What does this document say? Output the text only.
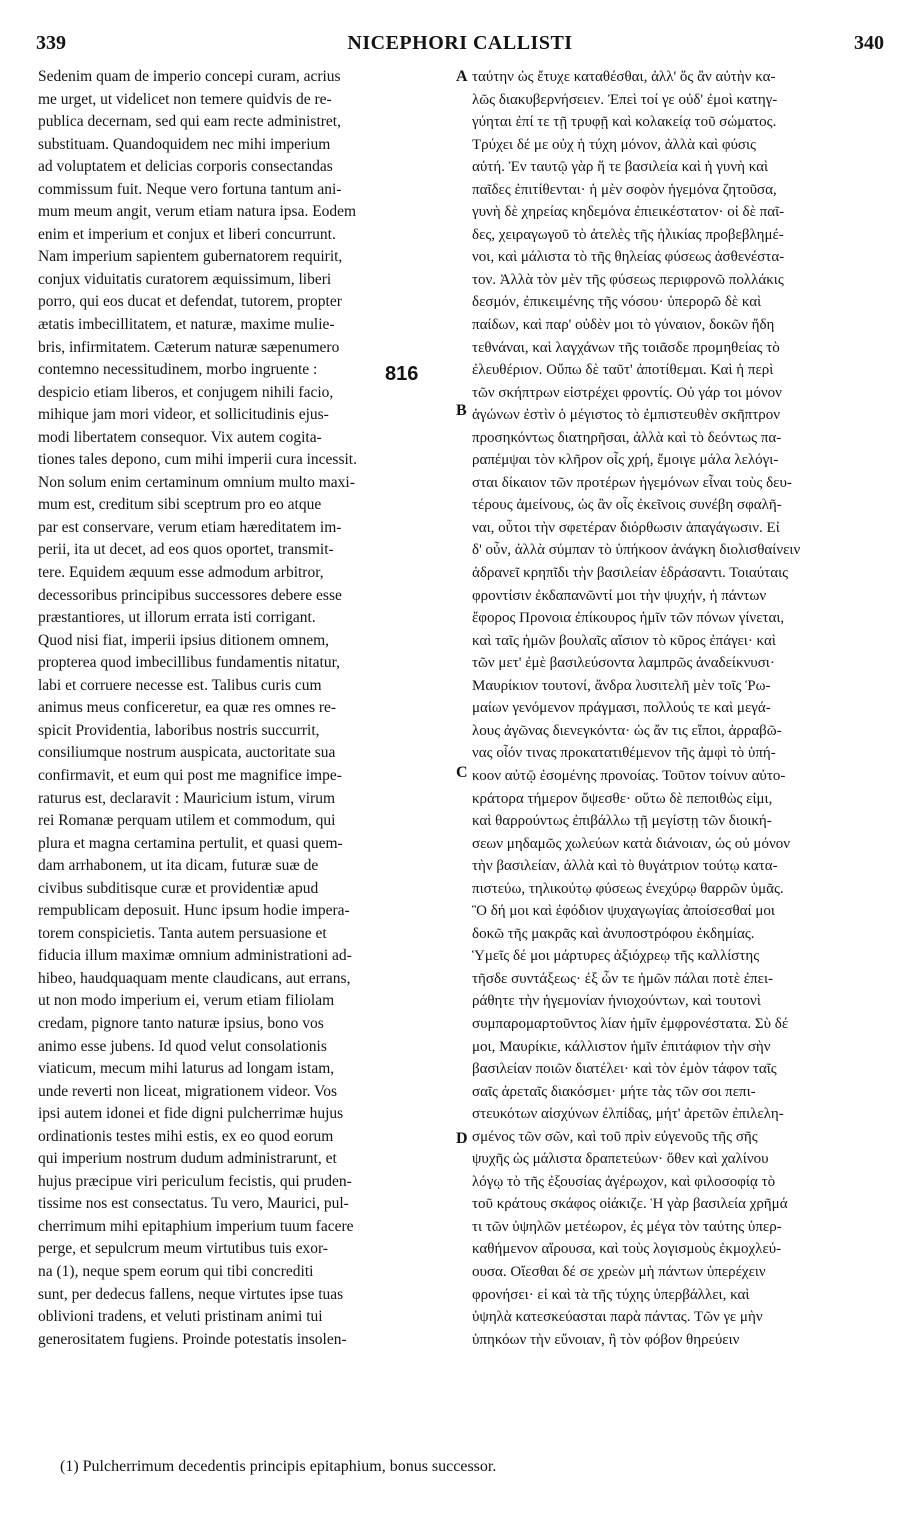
339	NICEPHORI CALLISTI	340
Sedenim quam de imperio concepi curam, acrius
me urget, ut videlicet non temere quidvis de re-
publica decernam, sed qui eam recte administret,
substituam. Quandoquidem nec mihi imperium
ad voluptatem et delicias corporis consectandas
commissum fuit. Neque vero fortuna tantum ani-
mum meum angit, verum etiam natura ipsa. Eodem
enim et imperium et conjux et liberi concurrunt.
Nam imperium sapientem gubernatorem requirit,
conjux viduitatis curatorem æquissimum, liberi
porro, qui eos ducat et defendat, tutorem, propter
ætatis imbecillitatem, et naturæ, maxime mulie-
bris, infirmitatem. Cæterum naturæ sæpenumero
contemno necessitudinem, morbo ingruente :
despicio etiam liberos, et conjugem nihili facio,
mihique jam mori videor, et sollicitudinis ejus-
modi libertatem consequor. Vix autem cogita-
tiones tales depono, cum mihi imperii cura incessit.
Non solum enim certaminum omnium multo maxi-
mum est, creditum sibi sceptrum pro eo atque
par est conservare, verum etiam hæreditatem im-
perii, ita ut decet, ad eos quos oportet, transmit-
tere. Equidem æquum esse admodum arbitror,
decessoribus principibus successores debere esse
præstantiores, ut illorum errata isti corrigant.
Quod nisi fiat, imperii ipsius ditionem omnem,
propterea quod imbecillibus fundamentis nitatur,
labi et corruere necesse est. Talibus curis cum
animus meus conficeretur, ea quæ res omnes re-
spicit Providentia, laboribus nostris succurrit,
consiliumque nostrum auspicata, auctoritate sua
confirmavit, et eum qui post me magnifice impe-
raturus est, declaravit : Mauricium istum, virum
rei Romanæ perquam utilem et commodum, qui
plura et magna certamina pertulit, et quasi quem-
dam arrhabonem, ut ita dicam, futuræ suæ de
civibus subditisque curæ et providentiæ apud
rempublicam deposuit. Hunc ipsum hodie impera-
torem conspicietis. Tanta autem persuasione et
fiducia illum maximæ omnium administrationi ad-
hibeo, haudquaquam mente claudicans, aut errans,
ut non modo imperium ei, verum etiam filiolam
credam, pignore tanto naturæ ipsius, bono vos
animo esse jubens. Id quod velut consolationis
viaticum, mecum mihi laturus ad longam istam,
unde reverti non liceat, migrationem videor. Vos
ipsi autem idonei et fide digni pulcherrimæ hujus
ordinationis testes mihi estis, ex eo quod eorum
qui imperium nostrum dudum administrarunt, et
hujus præcipue viri periculum fecistis, qui pruden-
tissime nos est consectatus. Tu vero, Maurici, pul-
cherrimum mihi epitaphium imperium tuum facere
perge, et sepulcrum meum virtutibus tuis exor-
na (1), neque spem eorum qui tibi concrediti
sunt, per dedecus fallens, neque virtutes ipse tuas
oblivioni tradens, et veluti pristinam animi tui
generositatem fugiens. Proinde potestatis insolen-
ταύτην ὡς ἔτυχε καταθέσθαι, ἀλλ' ὅς ἂν αὐτὴν κα-
λῶς διακυβερνήσειεν. Ἐπεὶ τοί γε οὐδ' ἐμοὶ κατηγ-
γύηται ἐπί τε τῇ τρυφῇ καὶ κολακείᾳ τοῦ σώματος.
Τρύχει δέ με οὐχ ἡ τύχη μόνον, ἀλλὰ καὶ φύσις
αὐτή. Ἐν ταυτῷ γὰρ ἥ τε βασιλεία καὶ ἡ γυνὴ καὶ
παῖδες ἐπιτίθενται· ἡ μὲν σοφὸν ἡγεμόνα ζητοῦσα,
γυνὴ δὲ χηρείας κηδεμόνα ἐπιεικέστατον· οἱ δὲ παῖ-
δες, χειραγωγοῦ τὸ ἀτελὲς τῆς ἡλικίας προβεβλημέ-
νοι, καὶ μάλιστα τὸ τῆς θηλείας φύσεως ἀσθενέστα-
τον. Ἀλλὰ τὸν μὲν τῆς φύσεως περιφρονῶ πολλάκις
δεσμόν, ἐπικειμένης τῆς νόσου· ὑπερορῶ δὲ καὶ
παίδων, καὶ παρ' οὐδὲν μοι τὸ γύναιον, δοκῶν ἤδη
τεθνάναι, καὶ λαγχάνων τῆς τοιᾶσδε προμηθείας τὸ
ἐλευθέριον. Οὔπω δὲ ταῦτ' ἀποτίθεμαι. Καὶ ἡ περὶ
τῶν σκήπτρων εἰστρέχει φροντίς. Οὐ γάρ τοι μόνον
ἀγώνων ἐστὶν ὁ μέγιστος τὸ ἐμπιστευθὲν σκῆπτρον
προσηκόντως διατηρῆσαι, ἀλλὰ καὶ τὸ δεόντως πα-
ραπέμψαι τὸν κλῆρον οἷς χρή, ἔμοιγε μάλα λελόγι-
σται δίκαιον τῶν προτέρων ἡγεμόνων εἶναι τοὺς δευ-
τέρους ἀμείνους, ὡς ἂν οἷς ἐκεῖνοις συνέβη σφαλῆ-
ναι, οὗτοι τὴν σφετέραν διόρθωσιν ἀπαγάγωσιν. Εἰ
δ' οὖν, ἀλλὰ σύμπαν τὸ ὑπήκοον ἀνάγκη διολισθαίνειν
ἀδρανεῖ κρηπῖδι τὴν βασιλείαν ἑδράσαντι. Τοιαύταις
φροντίσιν ἐκδαπανῶντί μοι τὴν ψυχήν, ἡ πάντων
ἔφορος Προνοια ἐπίκουρος ἡμῖν τῶν πόνων γίνεται,
καὶ ταῖς ἡμῶν βουλαῖς αἴσιον τὸ κῦρος ἐπάγει· καὶ
τῶν μετ' ἐμὲ βασιλεύσοντα λαμπρῶς ἀναδείκνυσι·
Μαυρίκιον τουτονί, ἄνδρα λυσιτελῆ μὲν τοῖς Ῥω-
μαίων γενόμενον πράγμασι, πολλούς τε καὶ μεγά-
λους ἀγῶνας διενεγκόντα· ὡς ἄν τις εἴποι, ἀρραβῶ-
νας οἷόν τινας προκατατιθέμενον τῆς ἀμφὶ τὸ ὑπή-
κοον αὐτῷ ἐσομένης προνοίας. Τοῦτον τοίνυν αὐτο-
κράτορα τήμερον ὄψεσθε· οὕτω δὲ πεποιθὼς εἰμι,
καὶ θαρρούντως ἐπιβάλλω τῇ μεγίστῃ τῶν διοική-
σεων μηδαμῶς χωλεύων κατὰ διάνοιαν, ὡς οὐ μόνον
τὴν βασιλείαν, ἀλλὰ καὶ τὸ θυγάτριον τούτῳ κατα-
πιστεύω, τηλικούτῳ φύσεως ἐνεχύρῳ θαρρῶν ὑμᾶς.
Ὃ δή μοι καὶ ἐφόδιον ψυχαγωγίας ἀποίσεσθαί μοι
δοκῶ τῆς μακρᾶς καὶ ἀνυποστρόφου ἐκδημίας.
Ὑμεῖς δέ μοι μάρτυρες ἀξιόχρεῳ τῆς καλλίστης
τῆσδε συντάξεως· ἐξ ὧν τε ἡμῶν πάλαι ποτὲ ἐπει-
ράθητε τὴν ἡγεμονίαν ἡνιοχούντων, καὶ τουτονὶ
συμπαρομαρτοῦντος λίαν ἡμῖν ἐμφρονέστατα. Σὺ δέ
μοι, Μαυρίκιε, κάλλιστον ἡμῖν ἐπιτάφιον τὴν σὴν
βασιλείαν ποιῶν διατέλει· καὶ τὸν ἐμὸν τάφον ταῖς
σαῖς ἀρεταῖς διακόσμει· μήτε τὰς τῶν σοι πεπι-
στευκότων αἰσχύνων ἐλπίδας, μήτ' ἀρετῶν ἐπιλελη-
σμένος τῶν σῶν, καὶ τοῦ πρὶν εὐγενοῦς τῆς σῆς
ψυχῆς ὡς μάλιστα δραπετεύων· ὅθεν καὶ χαλίνου
λόγῳ τὸ τῆς ἐξουσίας ἀγέρωχον, καὶ φιλοσοφίᾳ τὸ
τοῦ κράτους σκάφος οἰάκιζε. Ἡ γὰρ βασιλεία χρῆμά
τι τῶν ὑψηλῶν μετέωρον, ἐς μέγα τὸν ταύτης ὑπερ-
καθήμενον αἴρουσα, καὶ τοὺς λογισμοὺς ἐκμοχλεύ-
ουσα. Οἴεσθαι δέ σε χρεὼν μὴ πάντων ὑπερέχειν
φρονήσει· εἰ καὶ τὰ τῆς τύχης ὑπερβάλλει, καὶ
ὑψηλὰ κατεσκεύασται παρὰ πάντας. Τῶν γε μὴν
ὑπηκόων τὴν εὔνοιαν, ἢ τὸν φόβον θηρεύειν
816
A
B
C
D
(1) Pulcherrimum decedentis principis epitaphium, bonus successor.
